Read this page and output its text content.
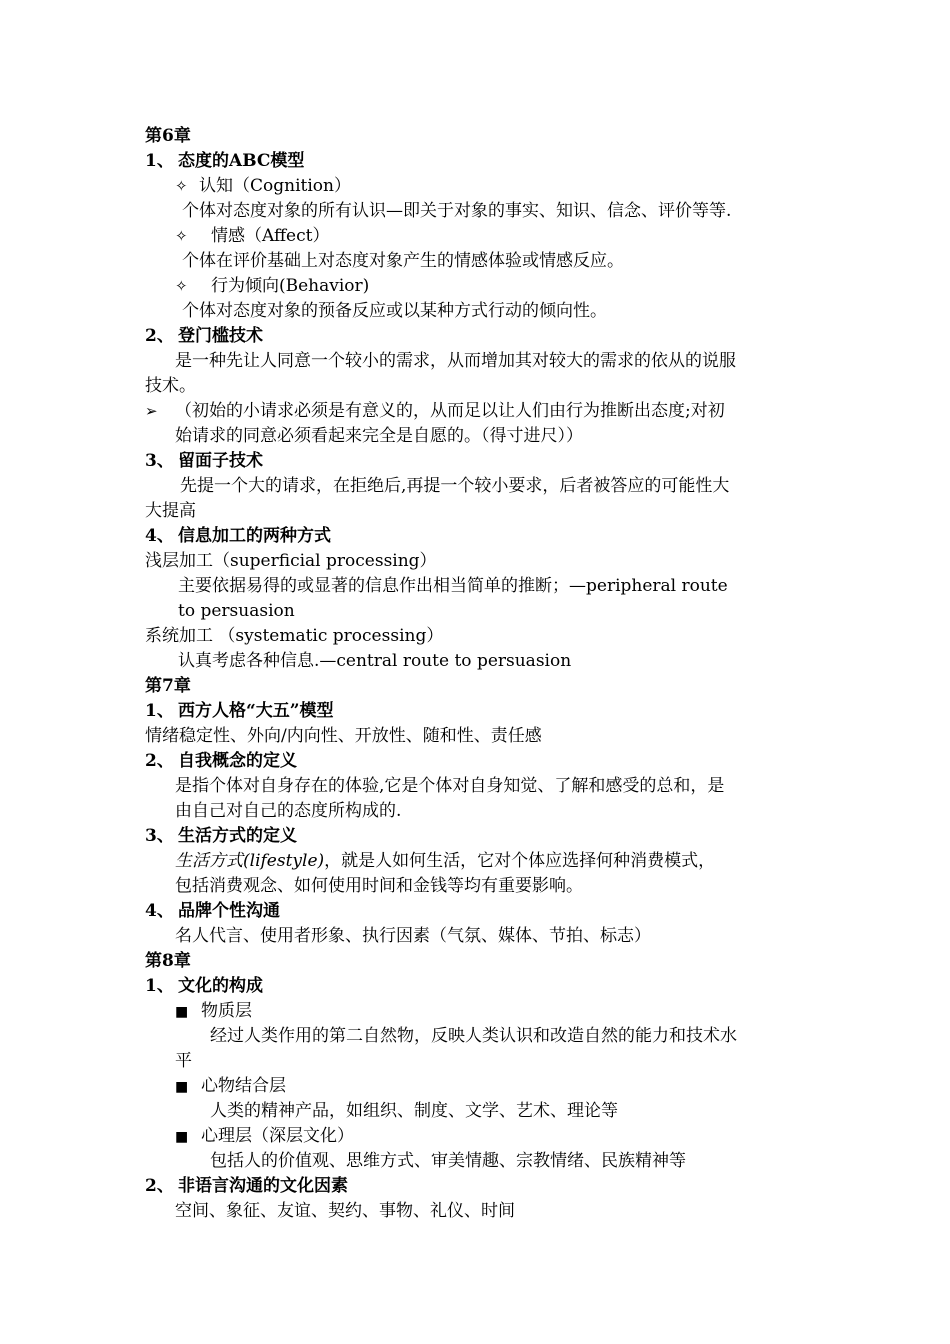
第6章
1、 态度的ABC模型
✧ 认知（Cognition）
个体对态度对象的所有认识—即关于对象的事实、知识、信念、评价等等.
✧ 情感（Affect）
个体在评价基础上对态度对象产生的情感体验或情感反应。
✧ 行为倾向(Behavior)
个体对态度对象的预备反应或以某种方式行动的倾向性。
2、 登门槛技术
是一种先让人同意一个较小的需求，从而增加其对较大的需求的依从的说服
技术。
➢ （初始的小请求必须是有意义的，从而足以让人们由行为推断出态度;对初
始请求的同意必须看起来完全是自愿的。（得寸进尺））
3、 留面子技术
先提一个大的请求，在拒绝后,再提一个较小要求，后者被答应的可能性大
大提高
4、 信息加工的两种方式
浅层加工（superficial processing）
主要依据易得的或显著的信息作出相当简单的推断；—peripheral route
to persuasion
系统加工 （systematic processing）
认真考虑各种信息.—central route to persuasion
第7章
1、 西方人格“大五”模型
情绪稳定性、外向/内向性、开放性、随和性、责任感
2、 自我概念的定义
是指个体对自身存在的体验,它是个体对自身知觉、了解和感受的总和，是
由自己对自己的态度所构成的.
3、 生活方式的定义
生活方式(lifestyle)，就是人如何生活，它对个体应选择何种消费模式，
包括消费观念、如何使用时间和金钱等均有重要影响。
4、 品牌个性沟通
名人代言、使用者形象、执行因素（气氛、媒体、节拍、标志）
第8章
1、 文化的构成
■ 物质层
经过人类作用的第二自然物，反映人类认识和改造自然的能力和技术水
平
■ 心物结合层
人类的精神产品，如组织、制度、文学、艺术、理论等
■ 心理层（深层文化）
包括人的价值观、思维方式、审美情趣、宗教情绪、民族精神等
2、 非语言沟通的文化因素
空间、象征、友谊、契约、事物、礼仪、时间
